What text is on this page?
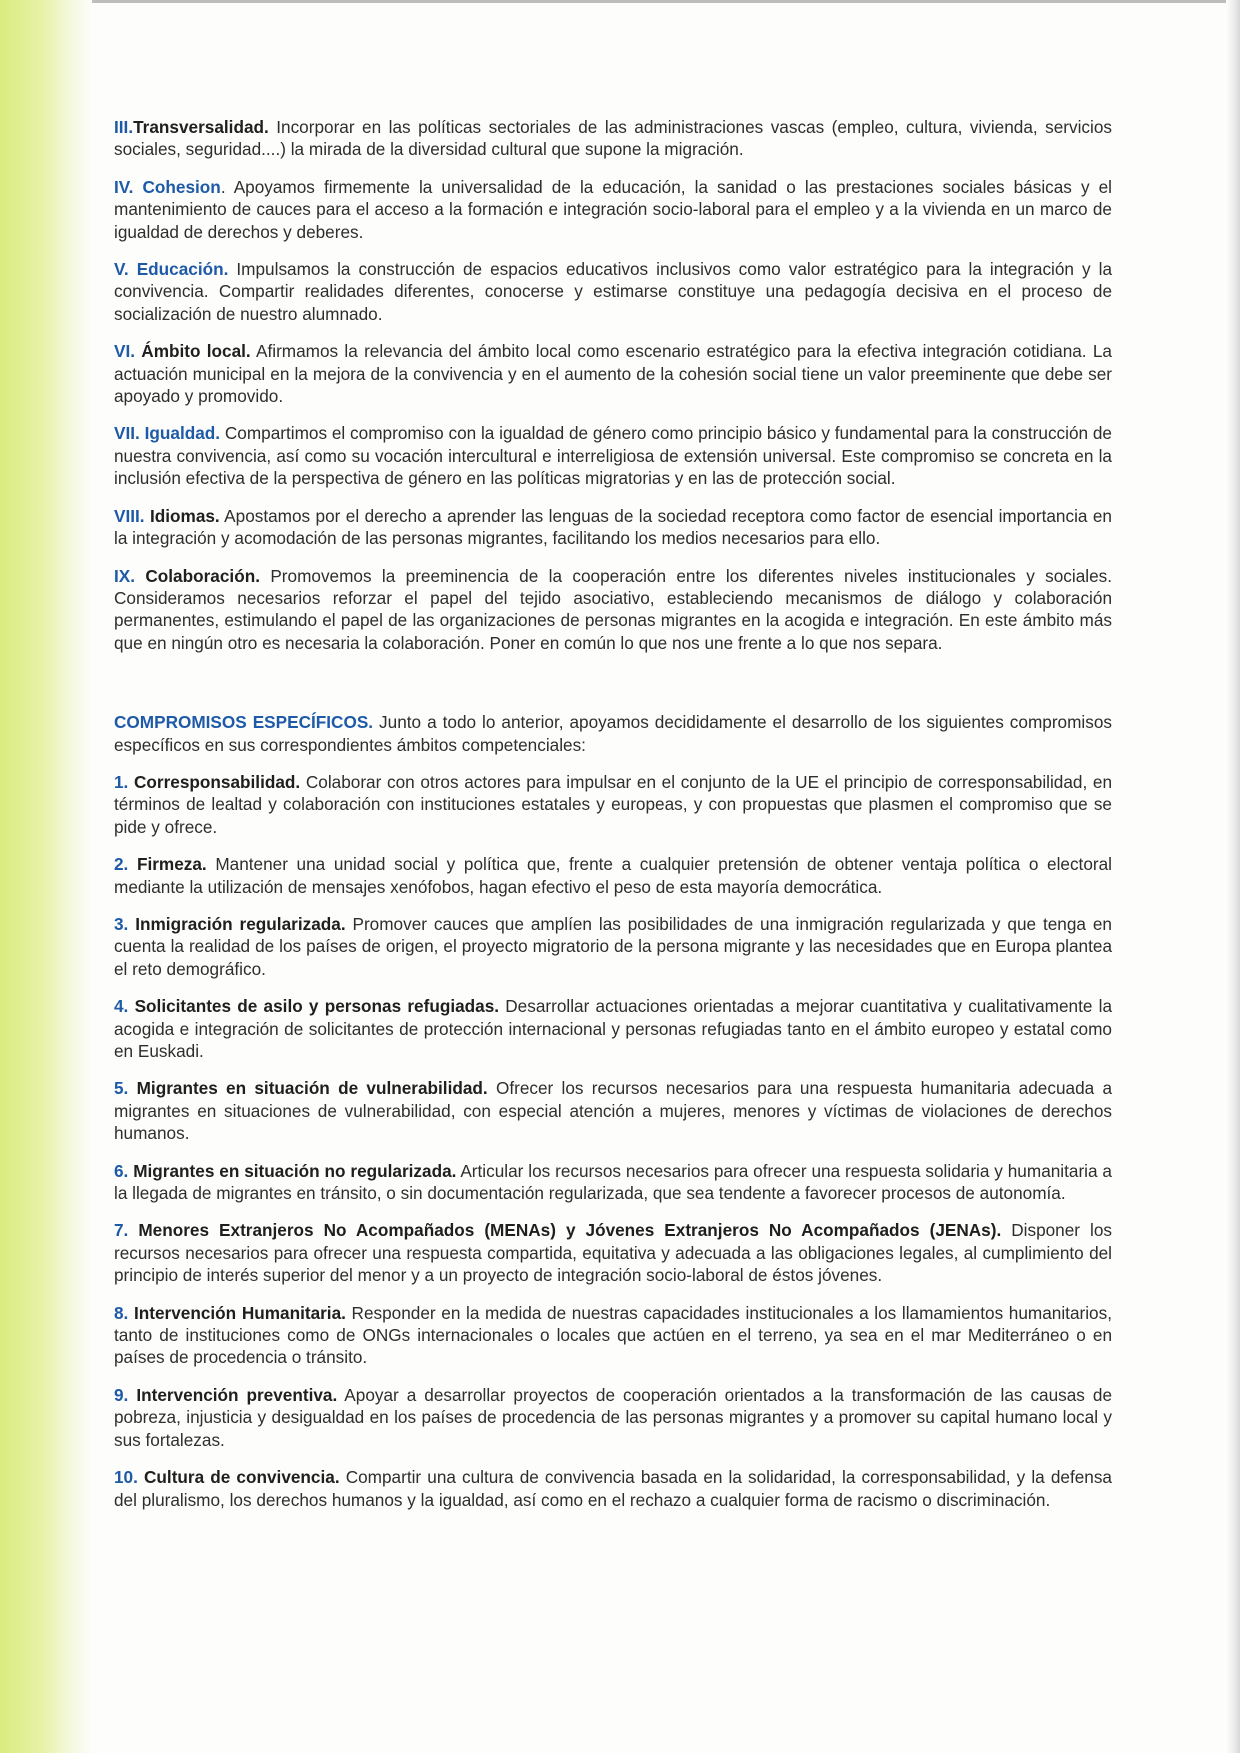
III.Transversalidad. Incorporar en las políticas sectoriales de las administraciones vascas (empleo, cultura, vivienda, servicios sociales, seguridad....) la mirada de la diversidad cultural que supone la migración.

IV. Cohesion. Apoyamos firmemente la universalidad de la educación, la sanidad o las prestaciones sociales básicas y el mantenimiento de cauces para el acceso a la formación e integración socio-laboral para el empleo y a la vivienda en un marco de igualdad de derechos y deberes.

V. Educación. Impulsamos la construcción de espacios educativos inclusivos como valor estratégico para la integración y la convivencia. Compartir realidades diferentes, conocerse y estimarse constituye una pedagogía decisiva en el proceso de socialización de nuestro alumnado.

VI. Ámbito local. Afirmamos la relevancia del ámbito local como escenario estratégico para la efectiva integración cotidiana. La actuación municipal en la mejora de la convivencia y en el aumento de la cohesión social tiene un valor preeminente que debe ser apoyado y promovido.

VII. Igualdad. Compartimos el compromiso con la igualdad de género como principio básico y fundamental para la construcción de nuestra convivencia, así como su vocación intercultural e interreligiosa de extensión universal. Este compromiso se concreta en la inclusión efectiva de la perspectiva de género en las políticas migratorias y en las de protección social.

VIII. Idiomas. Apostamos por el derecho a aprender las lenguas de la sociedad receptora como factor de esencial importancia en la integración y acomodación de las personas migrantes, facilitando los medios necesarios para ello.

IX. Colaboración. Promovemos la preeminencia de la cooperación entre los diferentes niveles institucionales y sociales. Consideramos necesarios reforzar el papel del tejido asociativo, estableciendo mecanismos de diálogo y colaboración permanentes, estimulando el papel de las organizaciones de personas migrantes en la acogida e integración. En este ámbito más que en ningún otro es necesaria la colaboración. Poner en común lo que nos une frente a lo que nos separa.

COMPROMISOS ESPECÍFICOS. Junto a todo lo anterior, apoyamos decididamente el desarrollo de los siguientes compromisos específicos en sus correspondientes ámbitos competenciales:

1. Corresponsabilidad. Colaborar con otros actores para impulsar en el conjunto de la UE el principio de corresponsabilidad, en términos de lealtad y colaboración con instituciones estatales y europeas, y con propuestas que plasmen el compromiso que se pide y ofrece.

2. Firmeza. Mantener una unidad social y política que, frente a cualquier pretensión de obtener ventaja política o electoral mediante la utilización de mensajes xenófobos, hagan efectivo el peso de esta mayoría democrática.

3. Inmigración regularizada. Promover cauces que amplíen las posibilidades de una inmigración regularizada y que tenga en cuenta la realidad de los países de origen, el proyecto migratorio de la persona migrante y las necesidades que en Europa plantea el reto demográfico.

4. Solicitantes de asilo y personas refugiadas. Desarrollar actuaciones orientadas a mejorar cuantitativa y cualitativamente la acogida e integración de solicitantes de protección internacional y personas refugiadas tanto en el ámbito europeo y estatal como en Euskadi.

5. Migrantes en situación de vulnerabilidad. Ofrecer los recursos necesarios para una respuesta humanitaria adecuada a migrantes en situaciones de vulnerabilidad, con especial atención a mujeres, menores y víctimas de violaciones de derechos humanos.

6. Migrantes en situación no regularizada. Articular los recursos necesarios para ofrecer una respuesta solidaria y humanitaria a la llegada de migrantes en tránsito, o sin documentación regularizada, que sea tendente a favorecer procesos de autonomía.

7. Menores Extranjeros No Acompañados (MENAs) y Jóvenes Extranjeros No Acompañados (JENAs). Disponer los recursos necesarios para ofrecer una respuesta compartida, equitativa y adecuada a las obligaciones legales, al cumplimiento del principio de interés superior del menor y a un proyecto de integración socio-laboral de éstos jóvenes.

8. Intervención Humanitaria. Responder en la medida de nuestras capacidades institucionales a los llamamientos humanitarios, tanto de instituciones como de ONGs internacionales o locales que actúen en el terreno, ya sea en el mar Mediterráneo o en países de procedencia o tránsito.

9. Intervención preventiva. Apoyar a desarrollar proyectos de cooperación orientados a la transformación de las causas de pobreza, injusticia y desigualdad en los países de procedencia de las personas migrantes y a promover su capital humano local y sus fortalezas.

10. Cultura de convivencia. Compartir una cultura de convivencia basada en la solidaridad, la corresponsabilidad, y la defensa del pluralismo, los derechos humanos y la igualdad, así como en el rechazo a cualquier forma de racismo o discriminación.
